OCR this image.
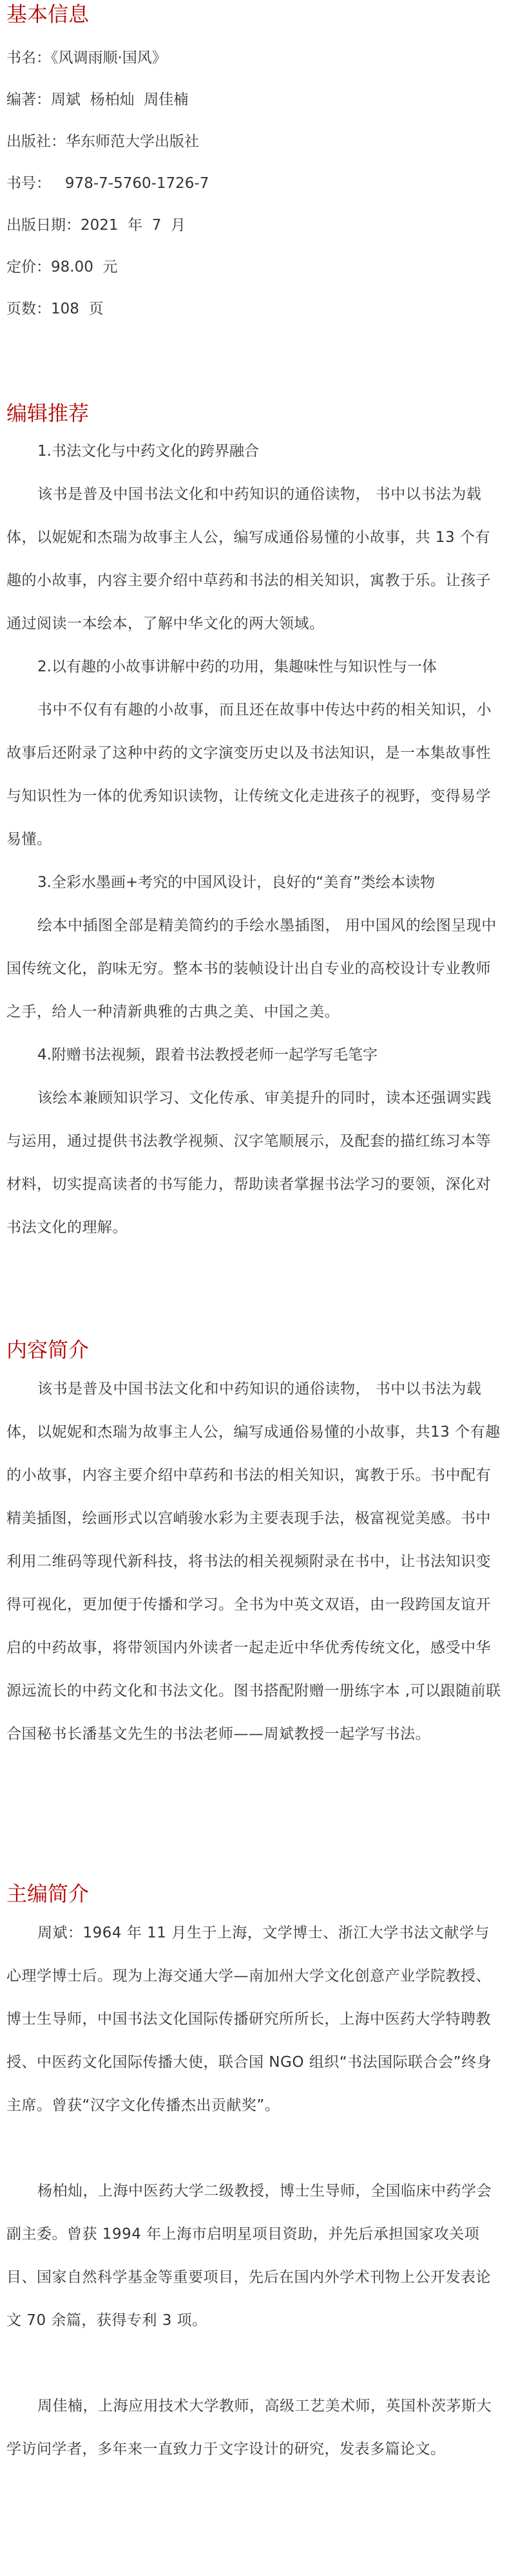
基本信息
书名：《风调雨顺·国风》
编著：周斌  杨柏灿  周佳楠
出版社：华东师范大学出版社
书号：   978-7-5760-1726-7
出版日期：2021  年  7  月
定价：98.00  元
页数：108  页
编辑推荐
1.书法文化与中药文化的跨界融合

该书是普及中国书法文化和中药知识的通俗读物， 书中以书法为载体，以妮妮和杰瑞为故事主人公，编写成通俗易懂的小故事，共 13 个有趣的小故事，内容主要介绍中草药和书法的相关知识，寓教于乐。让孩子通过阅读一本绘本，了解中华文化的两大领域。

2.以有趣的小故事讲解中药的功用，集趣味性与知识性与一体

书中不仅有有趣的小故事，而且还在故事中传达中药的相关知识，小故事后还附录了这种中药的文字演变历史以及书法知识，是一本集故事性与知识性为一体的优秀知识读物，让传统文化走进孩子的视野，变得易学易懂。

3.全彩水墨画+考究的中国风设计，良好的“美育”类绘本读物

绘本中插图全部是精美简约的手绘水墨插图， 用中国风的绘图呈现中国传统文化，韵味无穷。整本书的装帧设计出自专业的高校设计专业教师之手，给人一种清新典雅的古典之美、中国之美。

4.附赠书法视频，跟着书法教授老师一起学写毛笔字

该绘本兼顾知识学习、文化传承、审美提升的同时，读本还强调实践与运用，通过提供书法教学视频、汉字笔顺展示，及配套的描红练习本等材料，切实提高读者的书写能力，帮助读者掌握书法学习的要领，深化对书法文化的理解。

内容简介

该书是普及中国书法文化和中药知识的通俗读物， 书中以书法为载体，以妮妮和杰瑞为故事主人公，编写成通俗易懂的小故事，共13 个有趣的小故事，内容主要介绍中草药和书法的相关知识，寓教于乐。书中配有精美插图，绘画形式以宫峭骏水彩为主要表现手法，极富视觉美感。书中利用二维码等现代新科技，将书法的相关视频附录在书中，让书法知识变得可视化，更加便于传播和学习。全书为中英文双语，由一段跨国友谊开启的中药故事，将带领国内外读者一起走近中华优秀传统文化，感受中华源远流长的中药文化和书法文化。图书搭配附赠一册练字本 ,可以跟随前联合国秘书长潘基文先生的书法老师——周斌教授一起学写书法。

主编简介

周斌：1964 年 11 月生于上海，文学博士、浙江大学书法文献学与心理学博士后。现为上海交通大学—南加州大学文化创意产业学院教授、博士生导师，中国书法文化国际传播研究所所长，上海中医药大学特聘教授、中医药文化国际传播大使，联合国 NGO 组织“书法国际联合会”终身主席。曾获“汉字文化传播杰出贡献奖”。

杨柏灿，上海中医药大学二级教授，博士生导师，全国临床中药学会副主委。曾获 1994 年上海市启明星项目资助，并先后承担国家攻关项目、国家自然科学基金等重要项目，先后在国内外学术刊物上公开发表论文 70 余篇，获得专利 3 项。

周佳楠，上海应用技术大学教师，高级工艺美术师，英国朴茨茅斯大学访问学者，多年来一直致力于文字设计的研究，发表多篇论文。
